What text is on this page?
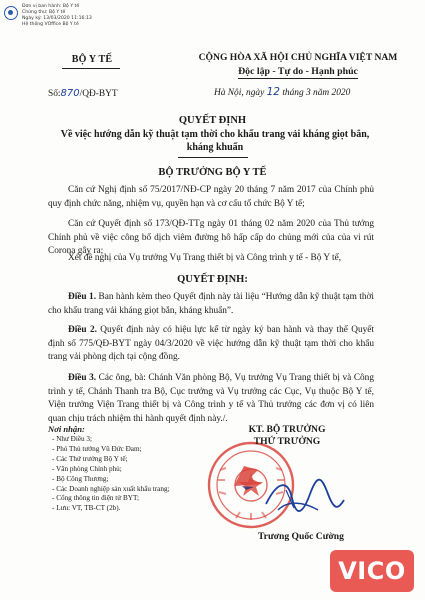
Đơn vị ban hành: Bộ Y tế
Chứng thư: Bộ Y tế
Ngày ký: 13/03/2020 11:16:13
Hệ thống VOffice Bộ Y tế
BỘ Y TẾ
Số:870/QĐ-BYT
CỘNG HÒA XÃ HỘI CHỦ NGHĨA VIỆT NAM
Độc lập - Tự do - Hạnh phúc
Hà Nội, ngày 12 tháng 3 năm 2020
QUYẾT ĐỊNH
Về việc hướng dẫn kỹ thuật tạm thời cho khẩu trang vải kháng giọt bắn, kháng khuẩn
BỘ TRƯỞNG BỘ Y TẾ

Căn cứ Nghị định số 75/2017/NĐ-CP ngày 20 tháng 7 năm 2017 của Chính phủ quy định chức năng, nhiệm vụ, quyền hạn và cơ cấu tổ chức Bộ Y tế;

Căn cứ Quyết định số 173/QĐ-TTg ngày 01 tháng 02 năm 2020 của Thủ tướng Chính phủ về việc công bố dịch viêm đường hô hấp cấp do chủng mới của của vi rút Corona gây ra;

Xét đề nghị của Vụ trưởng Vụ Trang thiết bị và Công trình y tế - Bộ Y tế,

QUYẾT ĐỊNH:

Điều 1. Ban hành kèm theo Quyết định này tài liệu “Hướng dẫn kỹ thuật tạm thời cho khẩu trang vải kháng giọt bắn, kháng khuẩn”.

Điều 2. Quyết định này có hiệu lực kể từ ngày ký ban hành và thay thế Quyết định số 775/QĐ-BYT ngày 04/3/2020 về việc hướng dẫn kỹ thuật tạm thời cho khẩu trang vải phòng dịch tại cộng đồng.

Điều 3. Các ông, bà: Chánh Văn phòng Bộ, Vụ trưởng Vụ Trang thiết bị và Công trình y tế, Chánh Thanh tra Bộ, Cục trưởng và Vụ trưởng các Cục, Vụ thuộc Bộ Y tế, Viện trưởng Viện Trang thiết bị và Công trình y tế và Thủ trưởng các đơn vị có liên quan chịu trách nhiệm thi hành quyết định này./.

Nơi nhận:
- Như Điều 3;
- Phó Thủ tướng Vũ Đức Đam;
- Các Thứ trưởng Bộ Y tế;
- Văn phòng Chính phủ;
- Bộ Công Thương;
- Các Doanh nghiệp sản xuất khẩu trang;
- Cổng thông tin điện tử BYT;
- Lưu: VT, TB-CT (2b).
KT. BỘ TRƯỞNG
THỨ TRƯỞNG
Trương Quốc Cường
VICO
